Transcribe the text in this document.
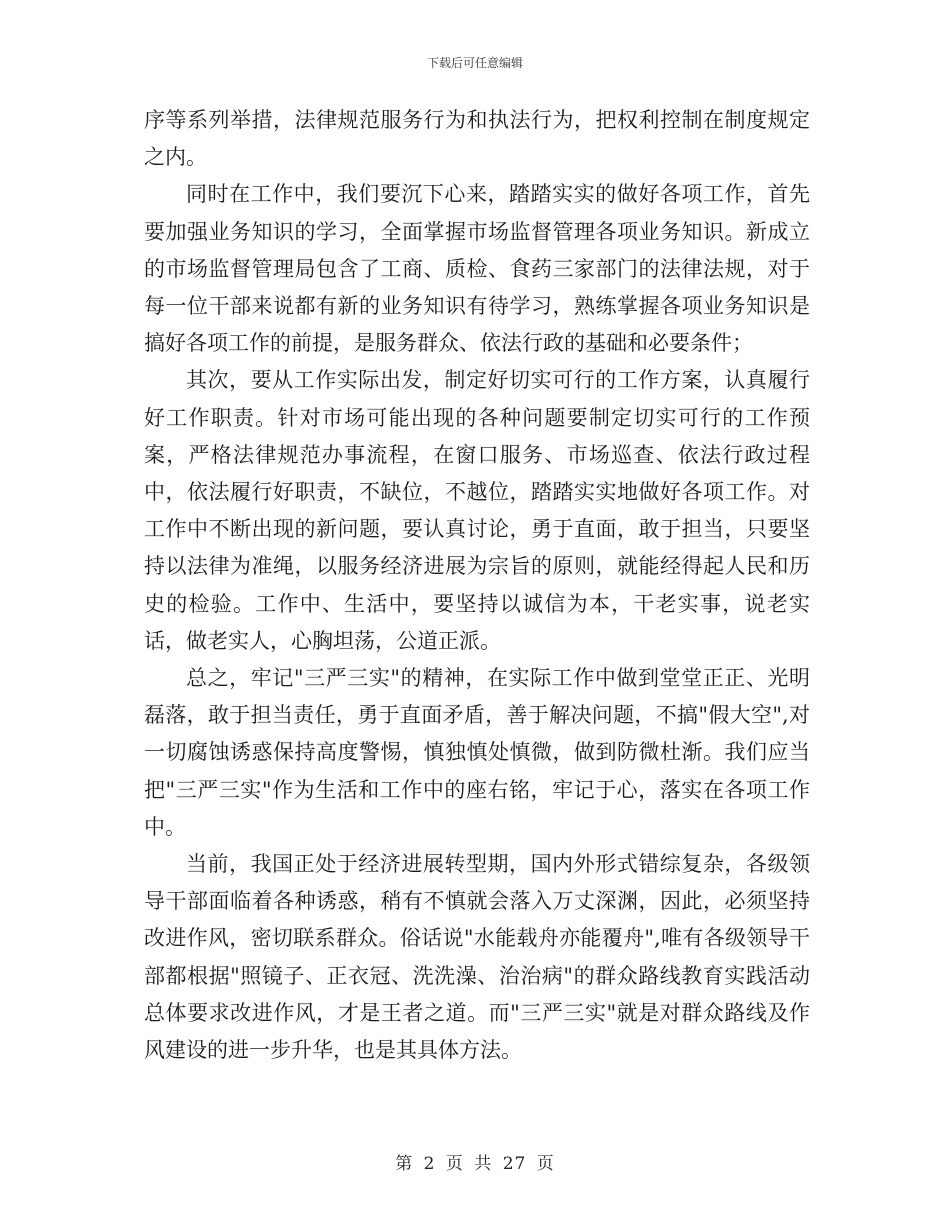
下载后可任意编辑

序等系列举措，法律规范服务行为和执法行为，把权利控制在制度规定之内。

同时在工作中，我们要沉下心来，踏踏实实的做好各项工作，首先要加强业务知识的学习，全面掌握市场监督管理各项业务知识。新成立的市场监督管理局包含了工商、质检、食药三家部门的法律法规，对于每一位干部来说都有新的业务知识有待学习，熟练掌握各项业务知识是搞好各项工作的前提，是服务群众、依法行政的基础和必要条件；

其次，要从工作实际出发，制定好切实可行的工作方案，认真履行好工作职责。针对市场可能出现的各种问题要制定切实可行的工作预案，严格法律规范办事流程，在窗口服务、市场巡查、依法行政过程中，依法履行好职责，不缺位，不越位，踏踏实实地做好各项工作。对工作中不断出现的新问题，要认真讨论，勇于直面，敢于担当，只要坚持以法律为准绳，以服务经济进展为宗旨的原则，就能经得起人民和历史的检验。工作中、生活中，要坚持以诚信为本，干老实事，说老实话，做老实人，心胸坦荡，公道正派。

总之，牢记"三严三实"的精神，在实际工作中做到堂堂正正、光明磊落，敢于担当责任，勇于直面矛盾，善于解决问题，不搞"假大空",对一切腐蚀诱惑保持高度警惕，慎独慎处慎微，做到防微杜渐。我们应当把"三严三实"作为生活和工作中的座右铭，牢记于心，落实在各项工作中。

当前，我国正处于经济进展转型期，国内外形式错综复杂，各级领导干部面临着各种诱惑，稍有不慎就会落入万丈深渊，因此，必须坚持改进作风，密切联系群众。俗话说"水能载舟亦能覆舟",唯有各级领导干部都根据"照镜子、正衣冠、洗洗澡、治治病"的群众路线教育实践活动总体要求改进作风，才是王者之道。而"三严三实"就是对群众路线及作风建设的进一步升华，也是其具体方法。

第 2 页 共 27 页
